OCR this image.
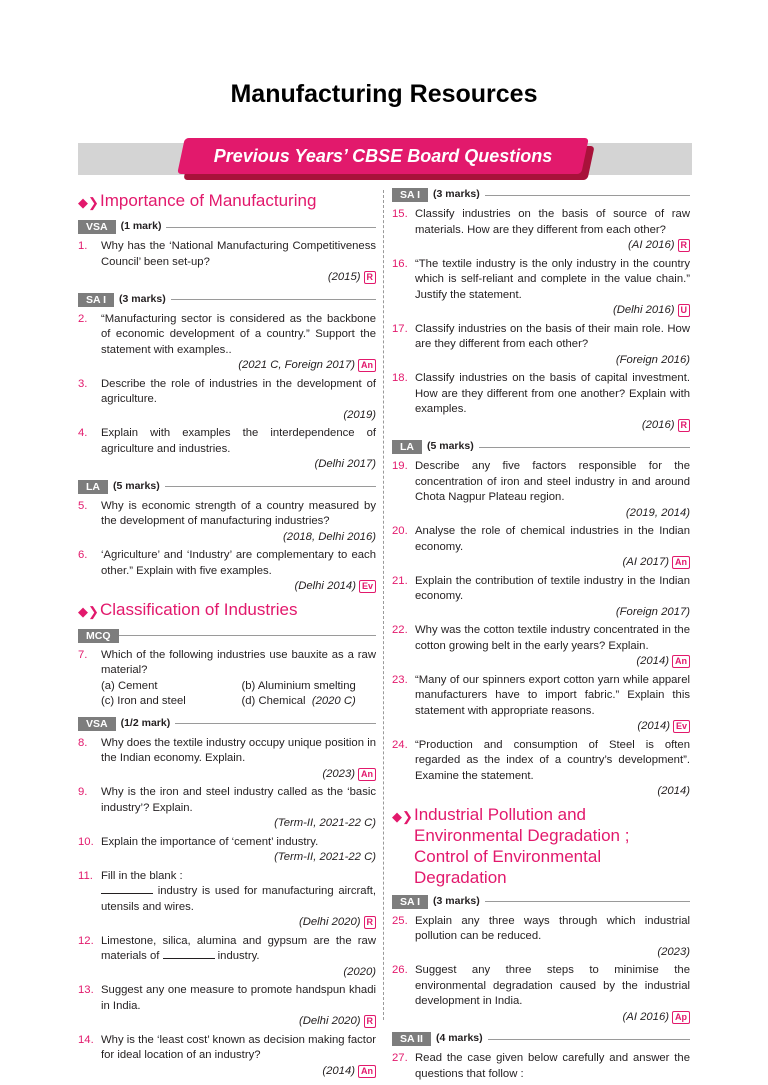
Manufacturing Resources
Previous Years’ CBSE Board Questions
◆❯ Importance of Manufacturing
VSA	(1 mark)
1.	Why has the ‘National Manufacturing Competitiveness Council’ been set-up?
(2015) R
SA I	(3 marks)
2.	“Manufacturing sector is considered as the backbone of economic development of a country.” Support the statement with examples..
(2021 C, Foreign 2017) An
3.	Describe the role of industries in the development of agriculture.
(2019)
4.	Explain with examples the interdependence of agriculture and industries.
(Delhi 2017)
LA	(5 marks)
5.	Why is economic strength of a country measured by the development of manufacturing industries?
(2018, Delhi 2016)
6.	‘Agriculture’ and ‘Industry’ are complementary to each other.” Explain with five examples.
(Delhi 2014) Ev
◆❯ Classification of Industries
MCQ
7.	Which of the following industries use bauxite as a raw material?
(a) Cement	(b) Aluminium smelting
(c) Iron and steel	(d) Chemical (2020 C)
VSA	(1/2 mark)
8.	Why does the textile industry occupy unique position in the Indian economy. Explain.
(2023) An
9.	Why is the iron and steel industry called as the ‘basic industry’? Explain.
(Term-II, 2021-22 C)
10. Explain the importance of ‘cement’ industry.
(Term-II, 2021-22 C)
11. Fill in the blank :
industry is used for manufacturing aircraft, utensils and wires.
(Delhi 2020) R
12. Limestone, silica, alumina and gypsum are the raw materials of	industry.
(2020)
13. Suggest any one measure to promote handspun khadi in India.
(Delhi 2020) R
14. Why is the ‘least cost’ known as decision making factor for ideal location of an industry?
(2014) An
SA I	(3 marks)
15. Classify industries on the basis of source of raw materials. How are they different from each other?
(AI 2016) R
16. “The textile industry is the only industry in the country which is self-reliant and complete in the value chain.” Justify the statement.
(Delhi 2016) U
17. Classify industries on the basis of their main role. How are they different from each other?
(Foreign 2016)
18. Classify industries on the basis of capital investment. How are they different from one another? Explain with examples.
(2016) R
LA	(5 marks)
19. Describe any five factors responsible for the concentration of iron and steel industry in and around Chota Nagpur Plateau region.
(2019, 2014)
20. Analyse the role of chemical industries in the Indian economy.
(AI 2017) An
21. Explain the contribution of textile industry in the Indian economy.
(Foreign 2017)
22. Why was the cotton textile industry concentrated in the cotton growing belt in the early years? Explain.
(2014) An
23. “Many of our spinners export cotton yarn while apparel manufacturers have to import fabric.” Explain this statement with appropriate reasons.
(2014) Ev
24. “Production and consumption of Steel is often regarded as the index of a country’s development”. Examine the statement.
(2014)
◆❯ Industrial Pollution and Environmental Degradation ; Control of Environmental Degradation
SA I	(3 marks)
25. Explain any three ways through which industrial pollution can be reduced.
(2023)
26. Suggest any three steps to minimise the environmental degradation caused by the industrial development in India.
(AI 2016) Ap
SA II	(4 marks)
27. Read the case given below carefully and answer the questions that follow :
